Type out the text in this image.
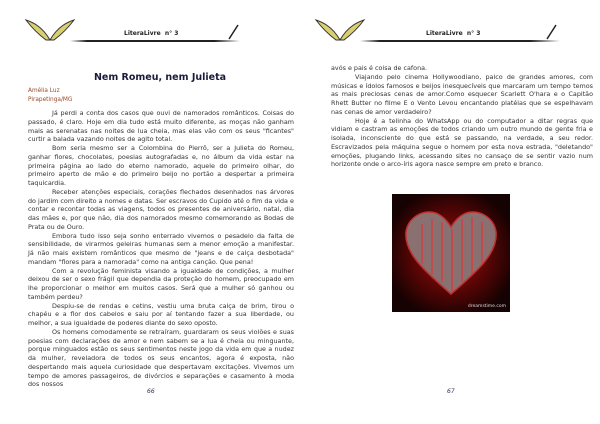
LiteraLivre n° 3
Nem Romeu, nem Julieta
Amélia Luz
Pirapetinga/MG

Já perdi a conta dos casos que ouvi de namorados românticos. Coisas do passado, é claro. Hoje em dia tudo está muito diferente, as moças não ganham mais as serenatas nas noites de lua cheia, mas elas vão com os seus "ficantes" curtir a balada vazando noites de agito total.

Bom seria mesmo ser a Colombina do Pierrô, ser a Julieta do Romeu, ganhar flores, chocolates, poesias autografadas e, no álbum da vida estar na primeira página ao lado do eterno namorado, aquele do primeiro olhar, do primeiro aperto de mão e do primeiro beijo no portão a despertar a primeira taquicardia.

Receber atenções especiais, corações flechados desenhados nas árvores do jardim com direito a nomes e datas. Ser escravos do Cupido até o fim da vida e contar e recontar todas as viagens, todos os presentes de aniversário, natal, dia das mães e, por que não, dia dos namorados mesmo comemorando as Bodas de Prata ou de Ouro.

Embora tudo isso seja sonho enterrado vivemos o pesadelo da falta de sensibilidade, de virarmos geleiras humanas sem a menor emoção a manifestar. Já não mais existem românticos que mesmo de "jeans e de calça desbotada" mandam "flores para a namorada" como na antiga canção. Que pena!

Com a revolução feminista visando a igualdade de condições, a mulher deixou de ser o sexo frágil que dependia da proteção do homem, preocupado em lhe proporcionar o melhor em muitos casos. Será que a mulher só ganhou ou também perdeu?

Despiu-se de rendas e cetins, vestiu uma bruta calça de brim, tirou o chapéu e a flor dos cabelos e saiu por aí tentando fazer a sua liberdade, ou melhor, a sua igualdade de poderes diante do sexo oposto.

Os homens comodamente se retraíram, guardaram os seus violões e suas poesias com declarações de amor e nem sabem se a lua é cheia ou minguante, porque minguados estão os seus sentimentos neste jogo da vida em que a nudez da mulher, reveladora de todos os seus encantos, agora é exposta, não despertando mais aquela curiosidade que despertavam excitações. Vivemos um tempo de amores passageiros, de divórcios e separações e casamento à moda dos nossos

66
LiteraLivre n° 3

avós e pais é coisa de cafona.

Viajando pelo cinema Hollywoodiano, palco de grandes amores, com músicas e ídolos famosos e beijos inesquecíveis que marcaram um tempo temos as mais preciosas cenas de amor.Como esquecer Scarlett O'hara e o Capitão Rhett Butter no filme E o Vento Levou encantando platéias que se espelhavam nas cenas de amor verdadeiro?

Hoje é a telinha do WhatsApp ou do computador a ditar regras que vidiam e castram as emoções de todos criando um outro mundo de gente fria e isolada, inconsciente do que está se passando, na verdade, a seu redor. Escravizados pela máquina segue o homem por esta nova estrada, "deletando" emoções, plugando links, acessando sites no cansaço de se sentir vazio num horizonte onde o arco-íris agora nasce sempre em preto e branco.

dreamstime.com
67
